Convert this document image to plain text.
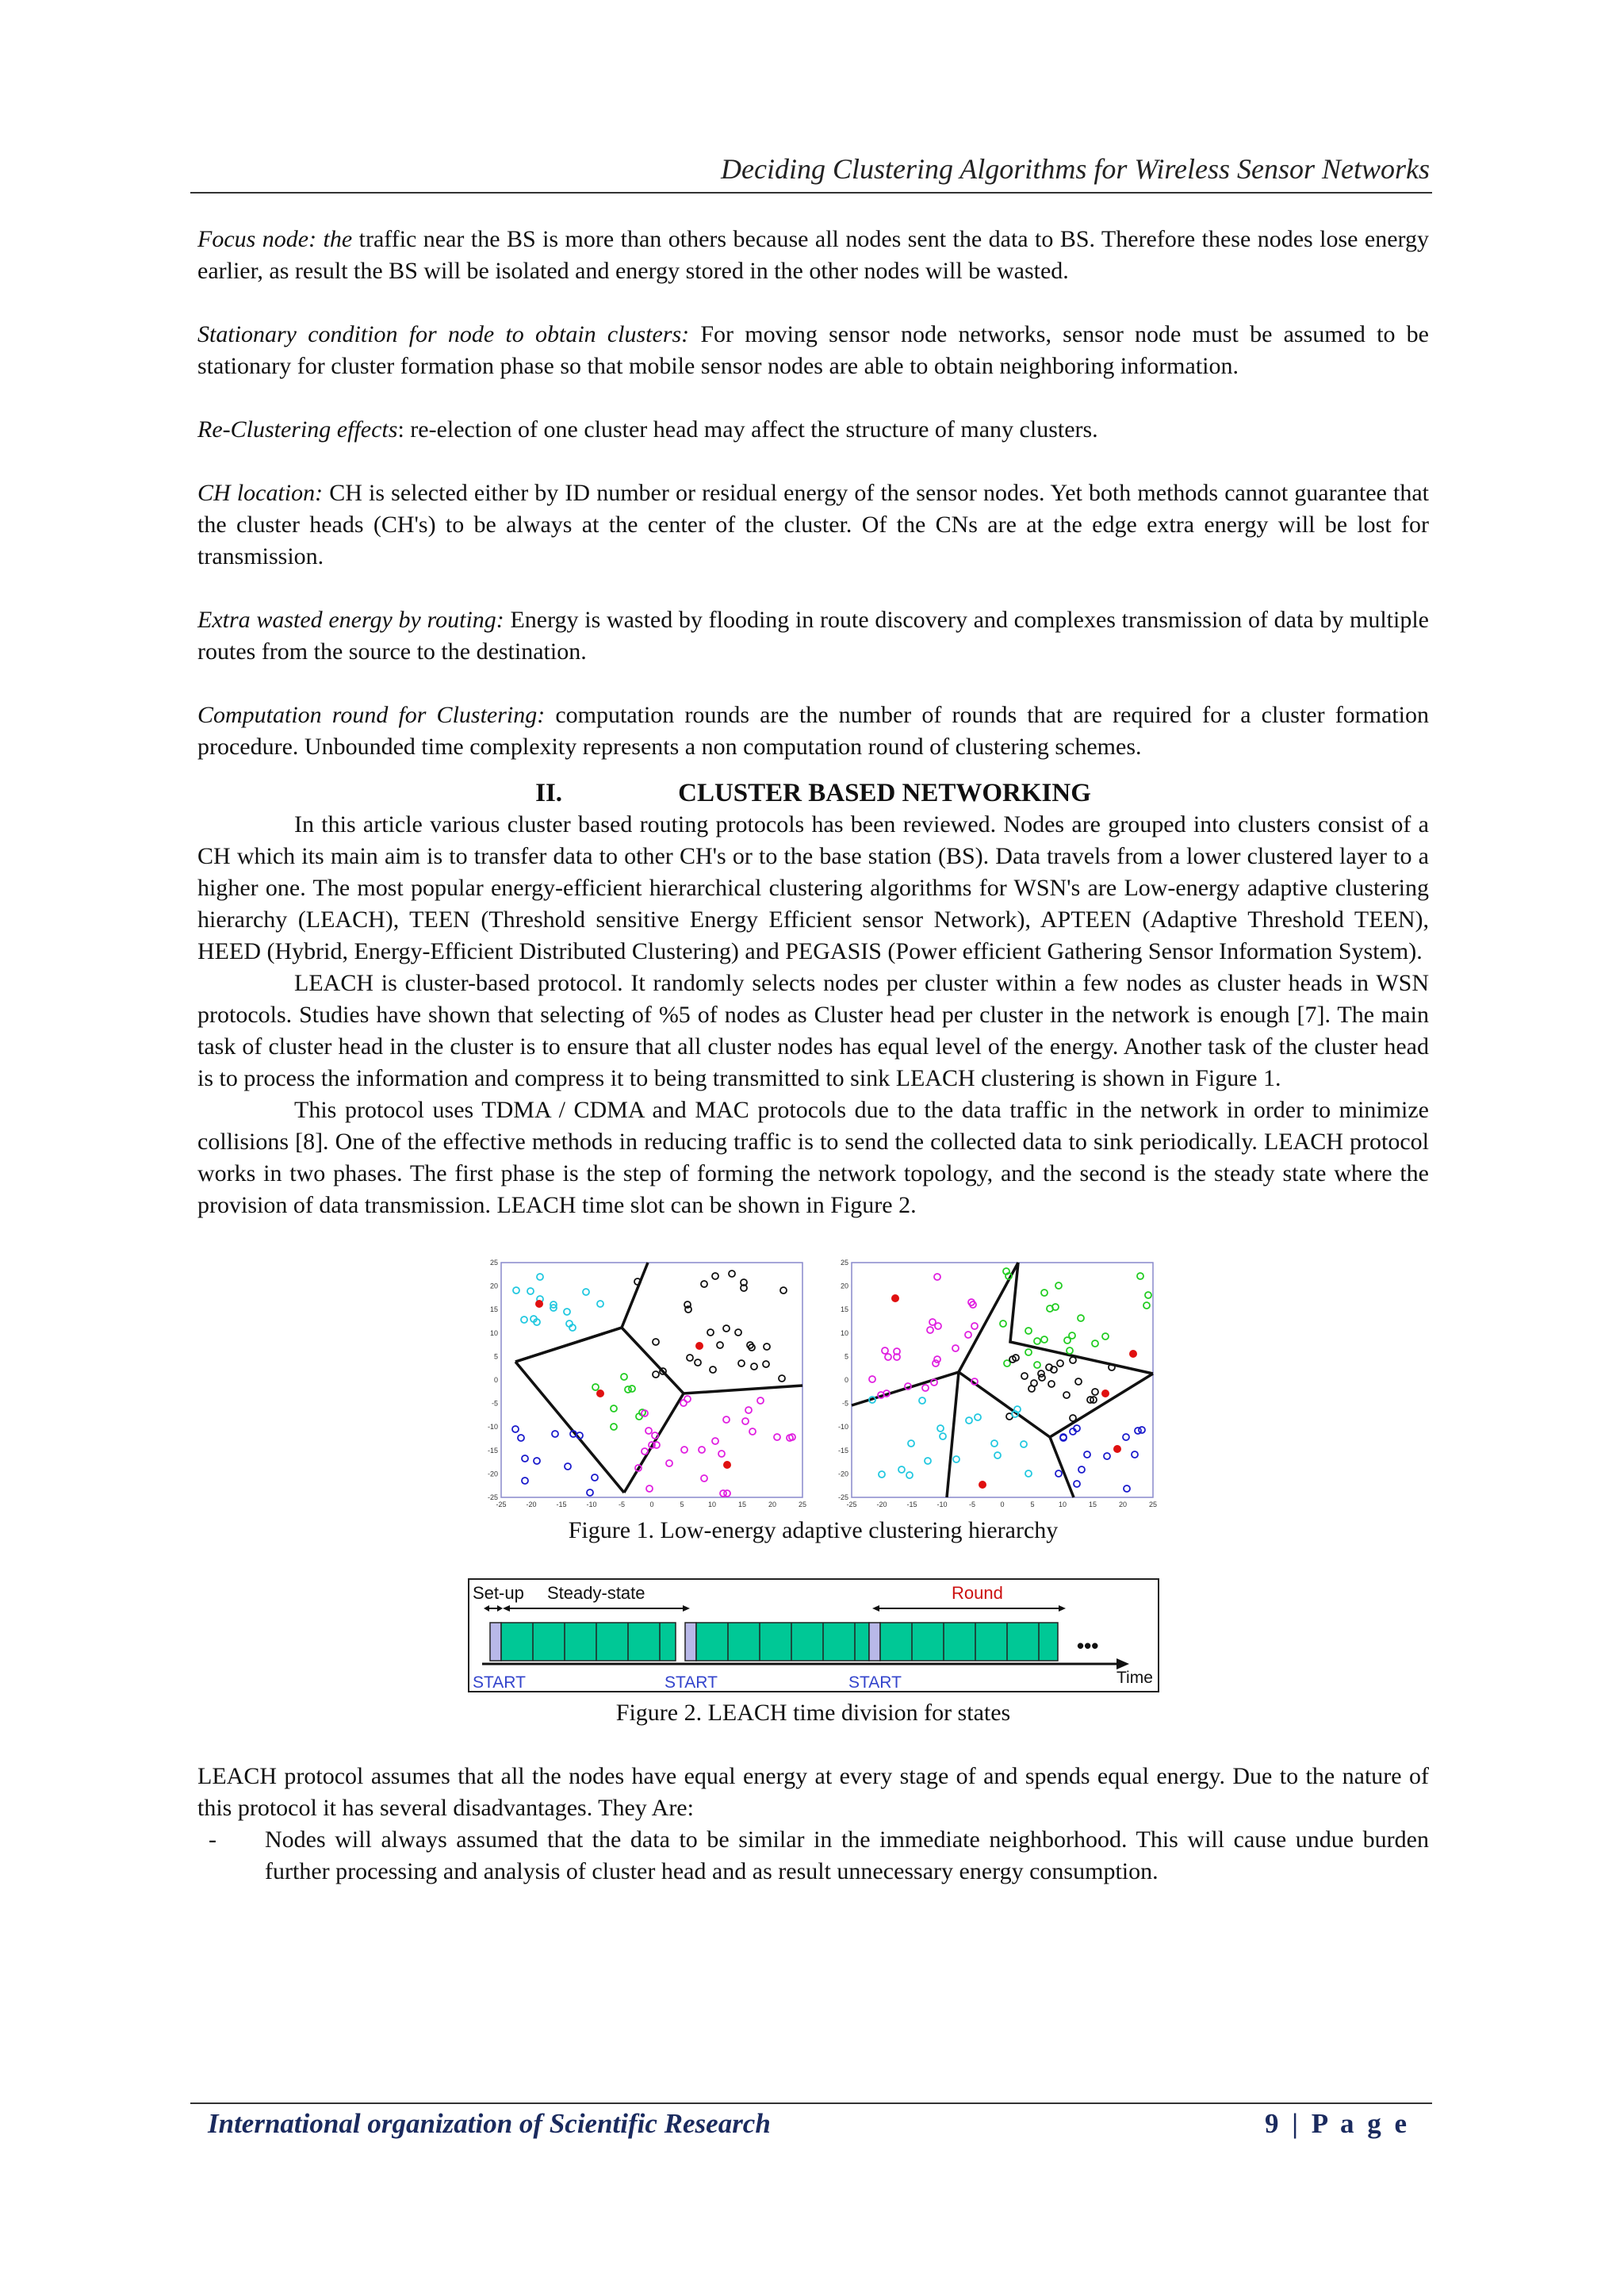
Deciding Clustering Algorithms for Wireless Sensor Networks

Focus node: the traffic near the BS is more than others because all nodes sent the data to BS. Therefore these nodes lose energy earlier, as result the BS will be isolated and energy stored in the other nodes will be wasted.

Stationary condition for node to obtain clusters: For moving sensor node networks, sensor node must be assumed to be stationary for cluster formation phase so that mobile sensor nodes are able to obtain neighboring information.

Re-Clustering effects: re-election of one cluster head may affect the structure of many clusters.

CH location: CH is selected either by ID number or residual energy of the sensor nodes. Yet both methods cannot guarantee that the cluster heads (CH's) to be always at the center of the cluster. Of the CNs are at the edge extra energy will be lost for transmission.

Extra wasted energy by routing: Energy is wasted by flooding in route discovery and complexes transmission of data by multiple routes from the source to the destination.

Computation round for Clustering: computation rounds are the number of rounds that are required for a cluster formation procedure. Unbounded time complexity represents a non computation round of clustering schemes.

II.	CLUSTER BASED NETWORKING

In this article various cluster based routing protocols has been reviewed. Nodes are grouped into clusters consist of a CH which its main aim is to transfer data to other CH's or to the base station (BS). Data travels from a lower clustered layer to a higher one. The most popular energy-efficient hierarchical clustering algorithms for WSN's are Low-energy adaptive clustering hierarchy (LEACH), TEEN (Threshold sensitive Energy Efficient sensor Network), APTEEN (Adaptive Threshold TEEN), HEED (Hybrid, Energy-Efficient Distributed Clustering) and PEGASIS (Power efficient Gathering Sensor Information System).

LEACH is cluster-based protocol. It randomly selects nodes per cluster within a few nodes as cluster heads in WSN protocols. Studies have shown that selecting of %5 of nodes as Cluster head per cluster in the network is enough [7]. The main task of cluster head in the cluster is to ensure that all cluster nodes has equal level of the energy. Another task of the cluster head is to process the information and compress it to being transmitted to sink LEACH clustering is shown in Figure 1.

This protocol uses TDMA / CDMA and MAC protocols due to the data traffic in the network in order to minimize collisions [8]. One of the effective methods in reducing traffic is to send the collected data to sink periodically. LEACH protocol works in two phases. The first phase is the step of forming the network topology, and the second is the steady state where the provision of data transmission. LEACH time slot can be shown in Figure 2.

25
20
15
10
5
0
-5
-10
-15
-20
-25
-25	-20	-15	-10	-5	0	5	10	15	20	25
25
20
15
10
5
0
-5
-10
-15
-20
-25
-25	-20	-15	-10	-5	0	5	10	15	20	25

Figure 1. Low-energy adaptive clustering hierarchy

Set-up Steady-state	Round
•••
Time
START	START	START

Figure 2. LEACH time division for states

LEACH protocol assumes that all the nodes have equal energy at every stage of and spends equal energy. Due to the nature of this protocol it has several disadvantages. They Are:

- Nodes will always assumed that the data to be similar in the immediate neighborhood. This will cause undue burden further processing and analysis of cluster head and as result unnecessary energy consumption.

International organization of Scientific Research	9 | P a g e
